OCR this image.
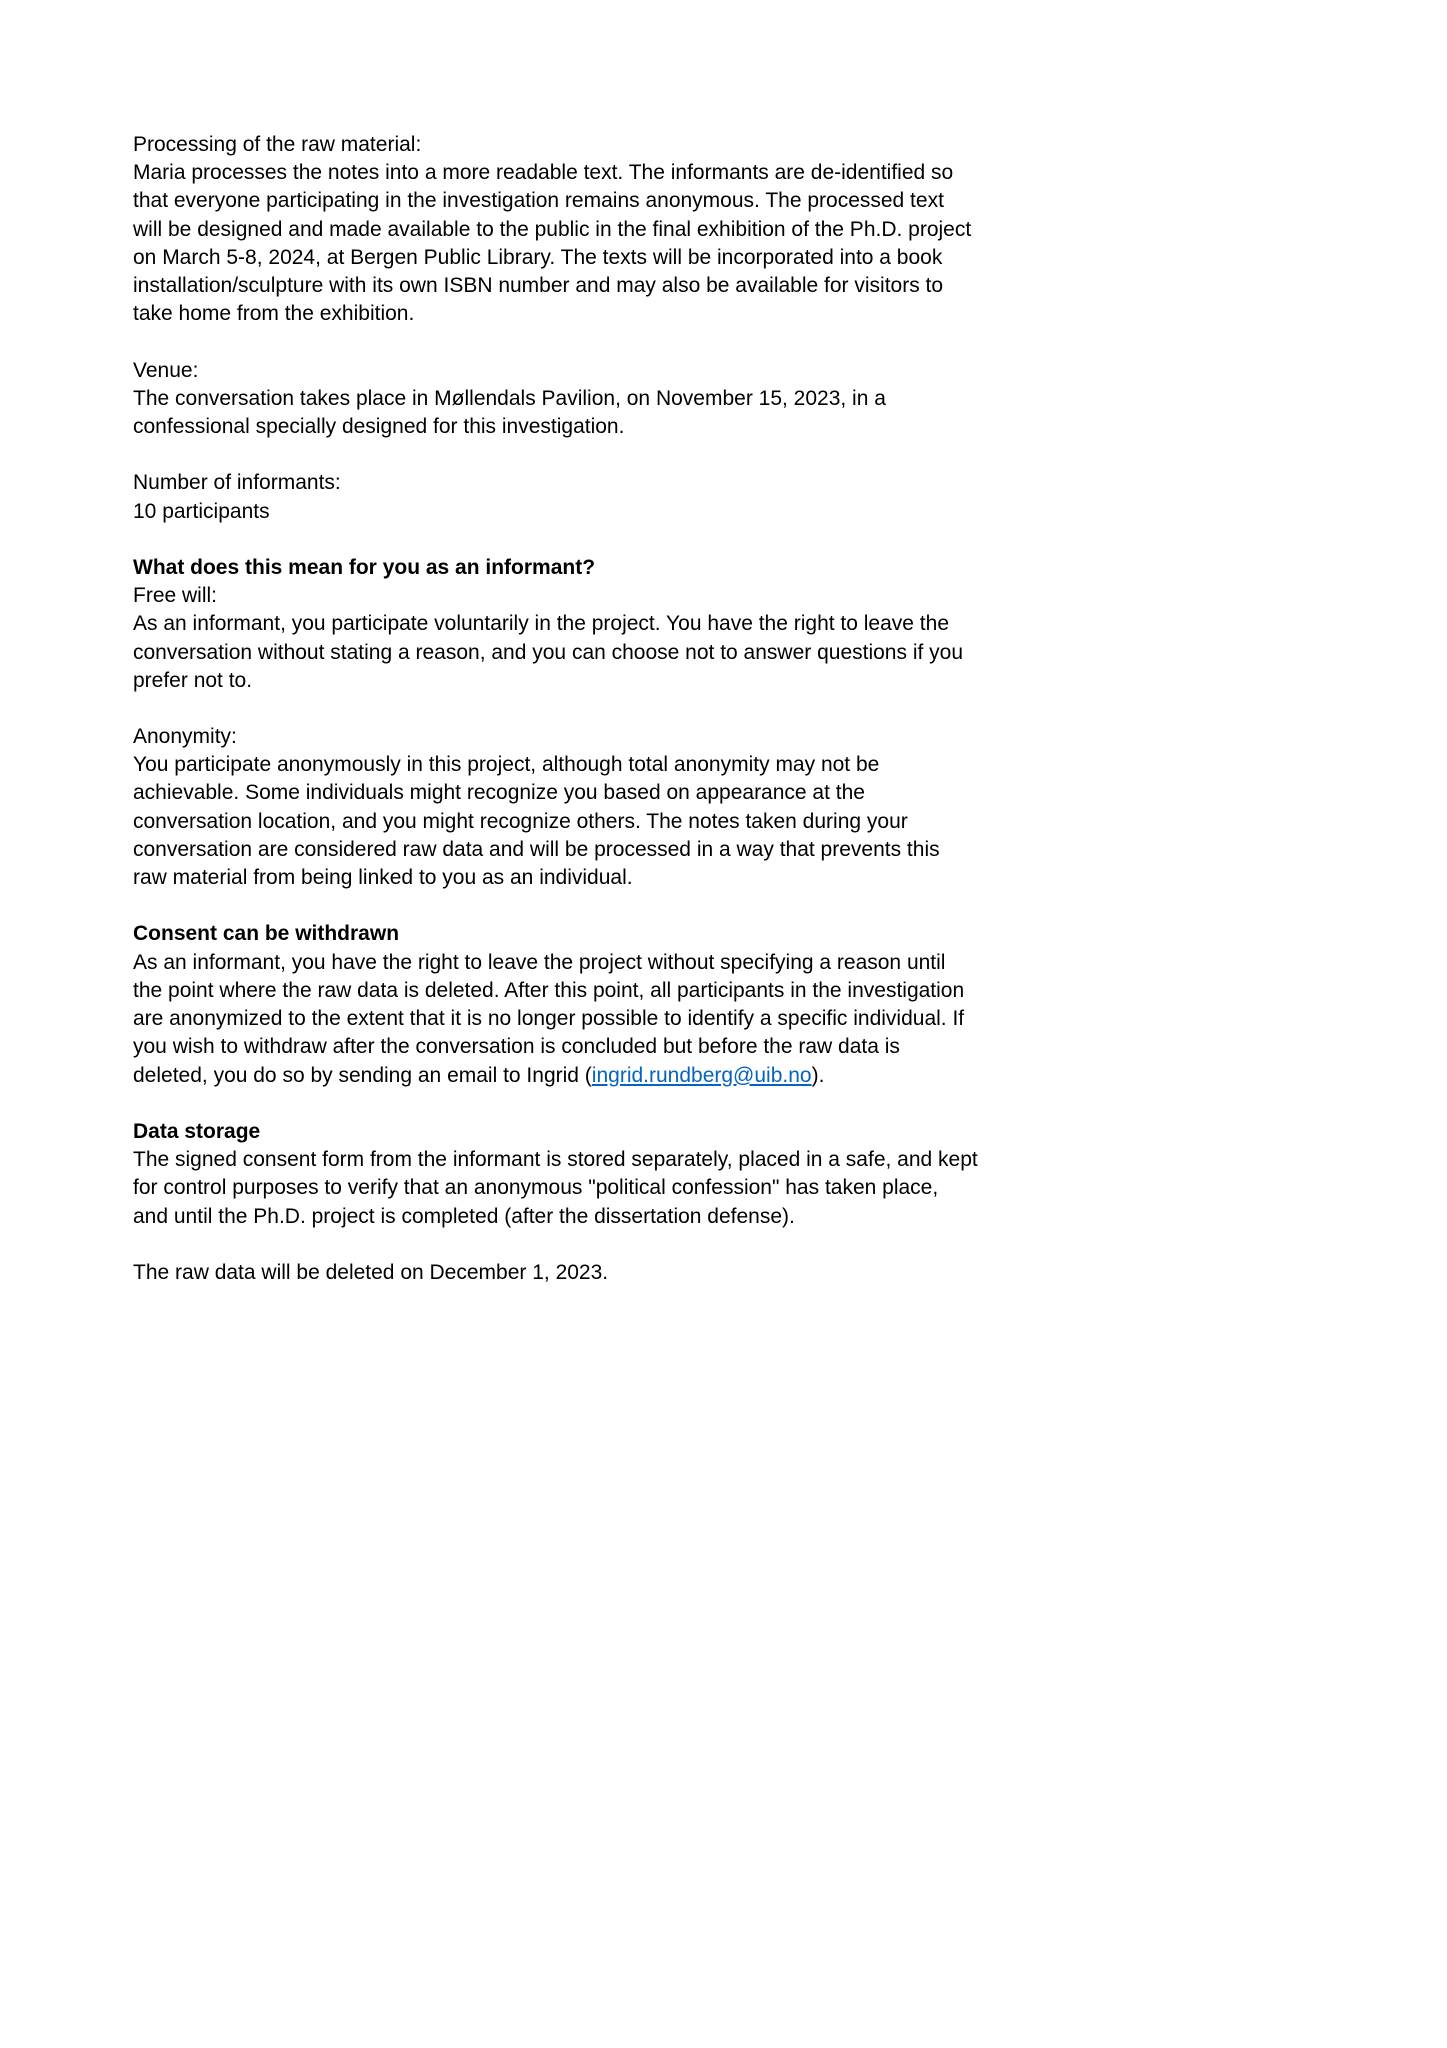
Processing of the raw material:
Maria processes the notes into a more readable text. The informants are de-identified so that everyone participating in the investigation remains anonymous. The processed text will be designed and made available to the public in the final exhibition of the Ph.D. project on March 5-8, 2024, at Bergen Public Library. The texts will be incorporated into a book installation/sculpture with its own ISBN number and may also be available for visitors to take home from the exhibition.
Venue:
The conversation takes place in Møllendals Pavilion, on November 15, 2023, in a confessional specially designed for this investigation.
Number of informants:
10 participants
What does this mean for you as an informant?
Free will:
As an informant, you participate voluntarily in the project. You have the right to leave the conversation without stating a reason, and you can choose not to answer questions if you prefer not to.
Anonymity:
You participate anonymously in this project, although total anonymity may not be achievable. Some individuals might recognize you based on appearance at the conversation location, and you might recognize others. The notes taken during your conversation are considered raw data and will be processed in a way that prevents this raw material from being linked to you as an individual.
Consent can be withdrawn
As an informant, you have the right to leave the project without specifying a reason until the point where the raw data is deleted. After this point, all participants in the investigation are anonymized to the extent that it is no longer possible to identify a specific individual. If you wish to withdraw after the conversation is concluded but before the raw data is deleted, you do so by sending an email to Ingrid (ingrid.rundberg@uib.no).
Data storage
The signed consent form from the informant is stored separately, placed in a safe, and kept for control purposes to verify that an anonymous "political confession" has taken place, and until the Ph.D. project is completed (after the dissertation defense).
The raw data will be deleted on December 1, 2023.
